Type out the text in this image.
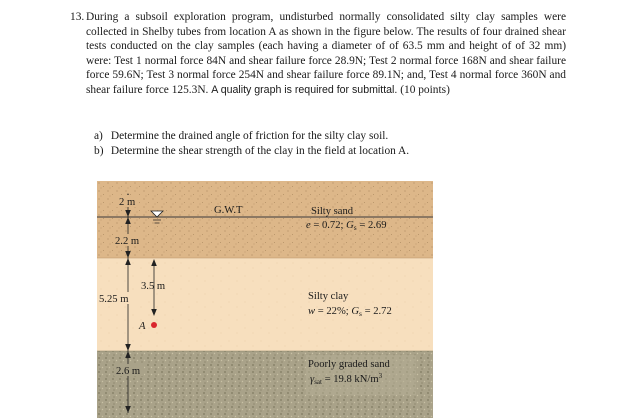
13. During a subsoil exploration program, undisturbed normally consolidated silty clay samples were collected in Shelby tubes from location A as shown in the figure below. The results of four drained shear tests conducted on the clay samples (each having a diameter of of 63.5 mm and height of of 32 mm) were: Test 1 normal force 84N and shear failure force 28.9N; Test 2 normal force 168N and shear failure force 59.6N; Test 3 normal force 254N and shear failure force 89.1N; and, Test 4 normal force 360N and shear failure force 125.3N. A quality graph is required for submittal. (10 points)

a) Determine the drained angle of friction for the silty clay soil.
b) Determine the shear strength of the clay in the field at location A.
2 m
2.2 m
3.5 m
5.25 m
2.6 m
A
G.W.T	Silty sand
e = 0.72; Gs = 2.69
Silty clay
w = 22%; Gs = 2.72
Poorly graded sand
γsat = 19.8 $kN/m^3$
